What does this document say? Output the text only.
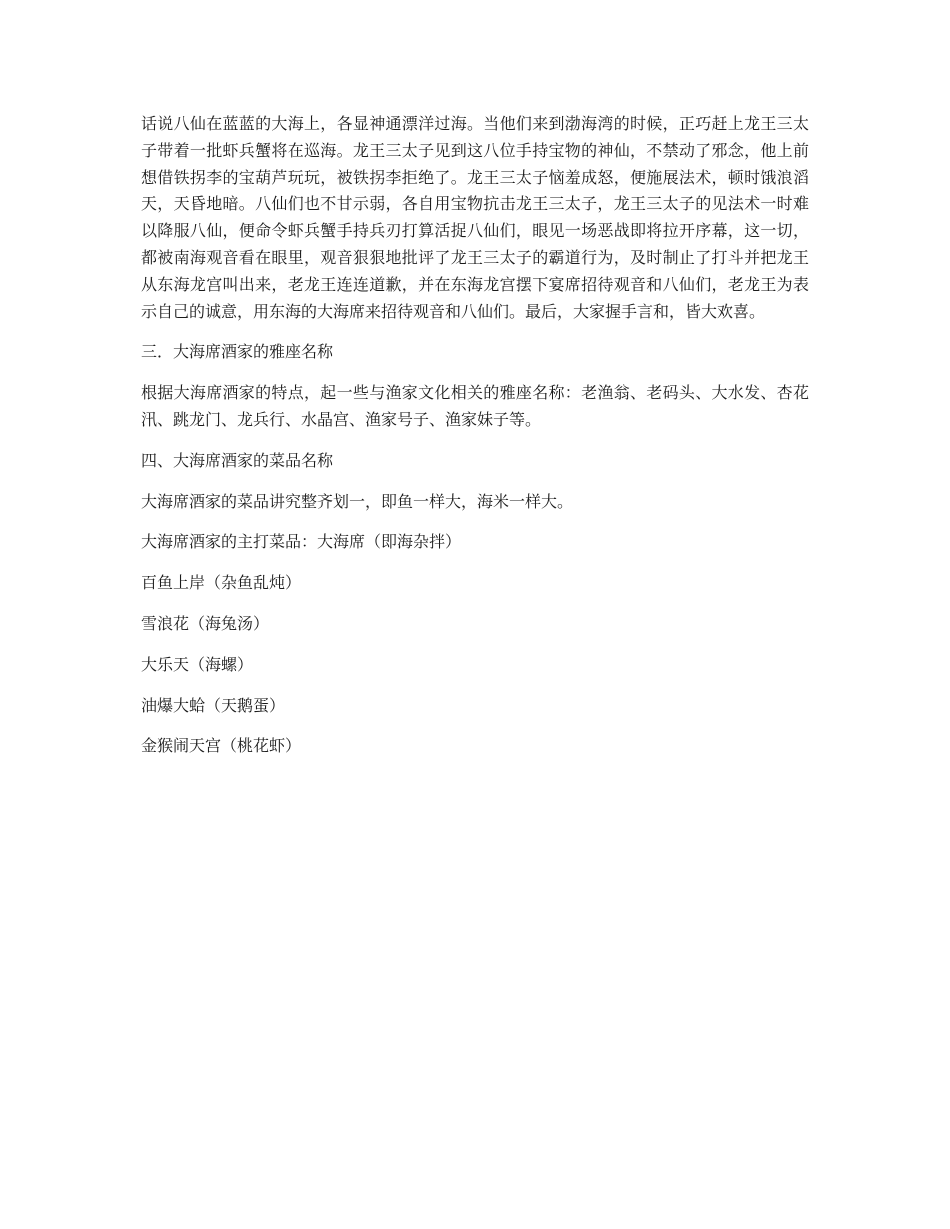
话说八仙在蓝蓝的大海上，各显神通漂洋过海。当他们来到渤海湾的时候，正巧赶上龙王三太子带着一批虾兵蟹将在巡海。龙王三太子见到这八位手持宝物的神仙，不禁动了邪念，他上前想借铁拐李的宝葫芦玩玩，被铁拐李拒绝了。龙王三太子恼羞成怒，便施展法术，顿时饿浪滔天，天昏地暗。八仙们也不甘示弱，各自用宝物抗击龙王三太子，龙王三太子的见法术一时难以降服八仙，便命令虾兵蟹手持兵刃打算活捉八仙们，眼见一场恶战即将拉开序幕，这一切，都被南海观音看在眼里，观音狠狠地批评了龙王三太子的霸道行为，及时制止了打斗并把龙王从东海龙宫叫出来，老龙王连连道歉，并在东海龙宫摆下宴席招待观音和八仙们，老龙王为表示自己的诚意，用东海的大海席来招待观音和八仙们。最后，大家握手言和，皆大欢喜。

三．大海席酒家的雅座名称

根据大海席酒家的特点，起一些与渔家文化相关的雅座名称：老渔翁、老码头、大水发、杏花汛、跳龙门、龙兵行、水晶宫、渔家号子、渔家妹子等。

四、大海席酒家的菜品名称

大海席酒家的菜品讲究整齐划一，即鱼一样大，海米一样大。

大海席酒家的主打菜品：大海席（即海杂拌）

百鱼上岸（杂鱼乱炖）

雪浪花（海兔汤）

大乐天（海螺）

油爆大蛤（天鹅蛋）

金猴闹天宫（桃花虾）
